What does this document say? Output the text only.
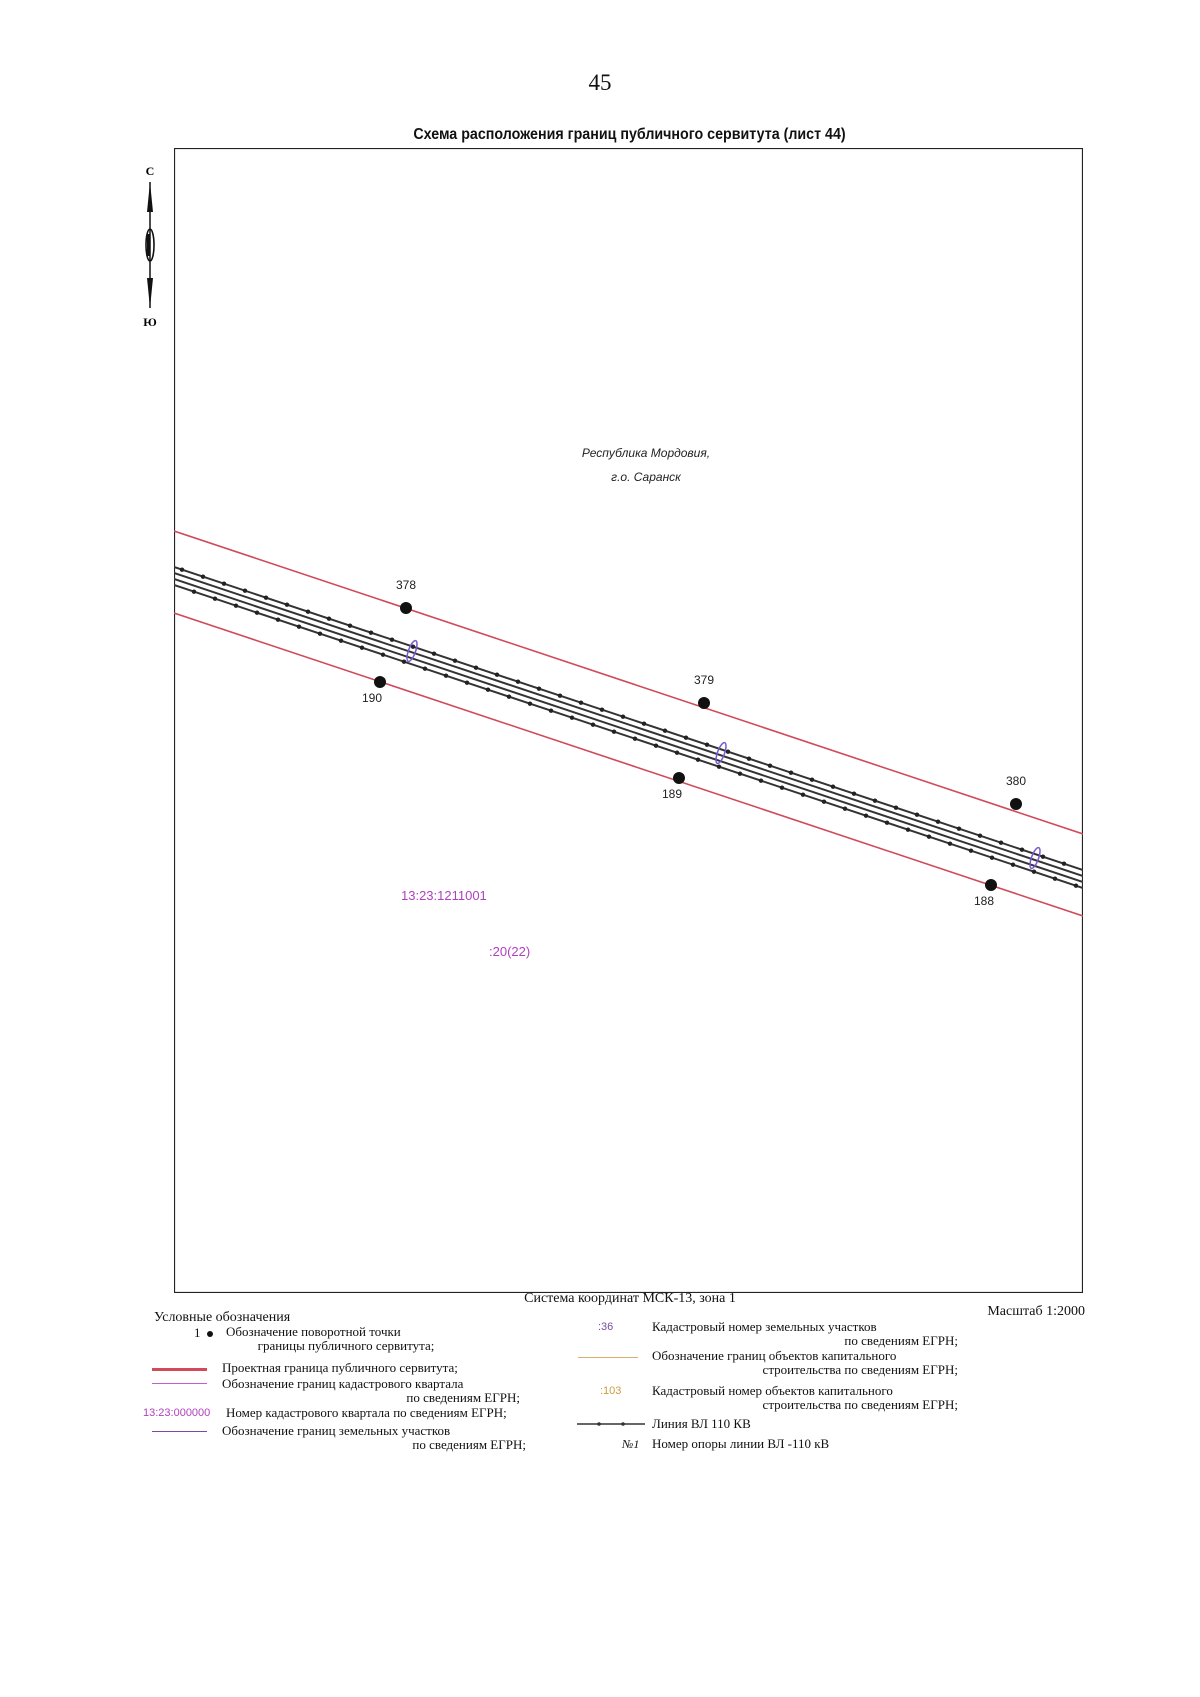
45
Схема расположения границ публичного сервитута (лист 44)
С
Ю
Республика Мордовия,
г.о. Саранск
378
379
380
190
189
188
13:23:1211001
:20(22)
Система координат МСК-13, зона 1
Масштаб 1:2000
Условные обозначения
1	Обозначение поворотной точки
границы публичного сервитута;
Проектная граница публичного сервитута;
Обозначение границ кадастрового квартала
по сведениям ЕГРН;
13:23:000000 Номер кадастрового квартала по сведениям ЕГРН;
Обозначение границ земельных участков
по сведениям ЕГРН;
:36	Кадастровый номер земельных участков
по сведениям ЕГРН;
Обозначение границ объектов капитального
строительства по сведениям ЕГРН;
:103 Кадастровый номер объектов капитального
строительства по сведениям ЕГРН;
Линия ВЛ 110 КВ
№1 Номер опоры линии ВЛ -110 кВ
